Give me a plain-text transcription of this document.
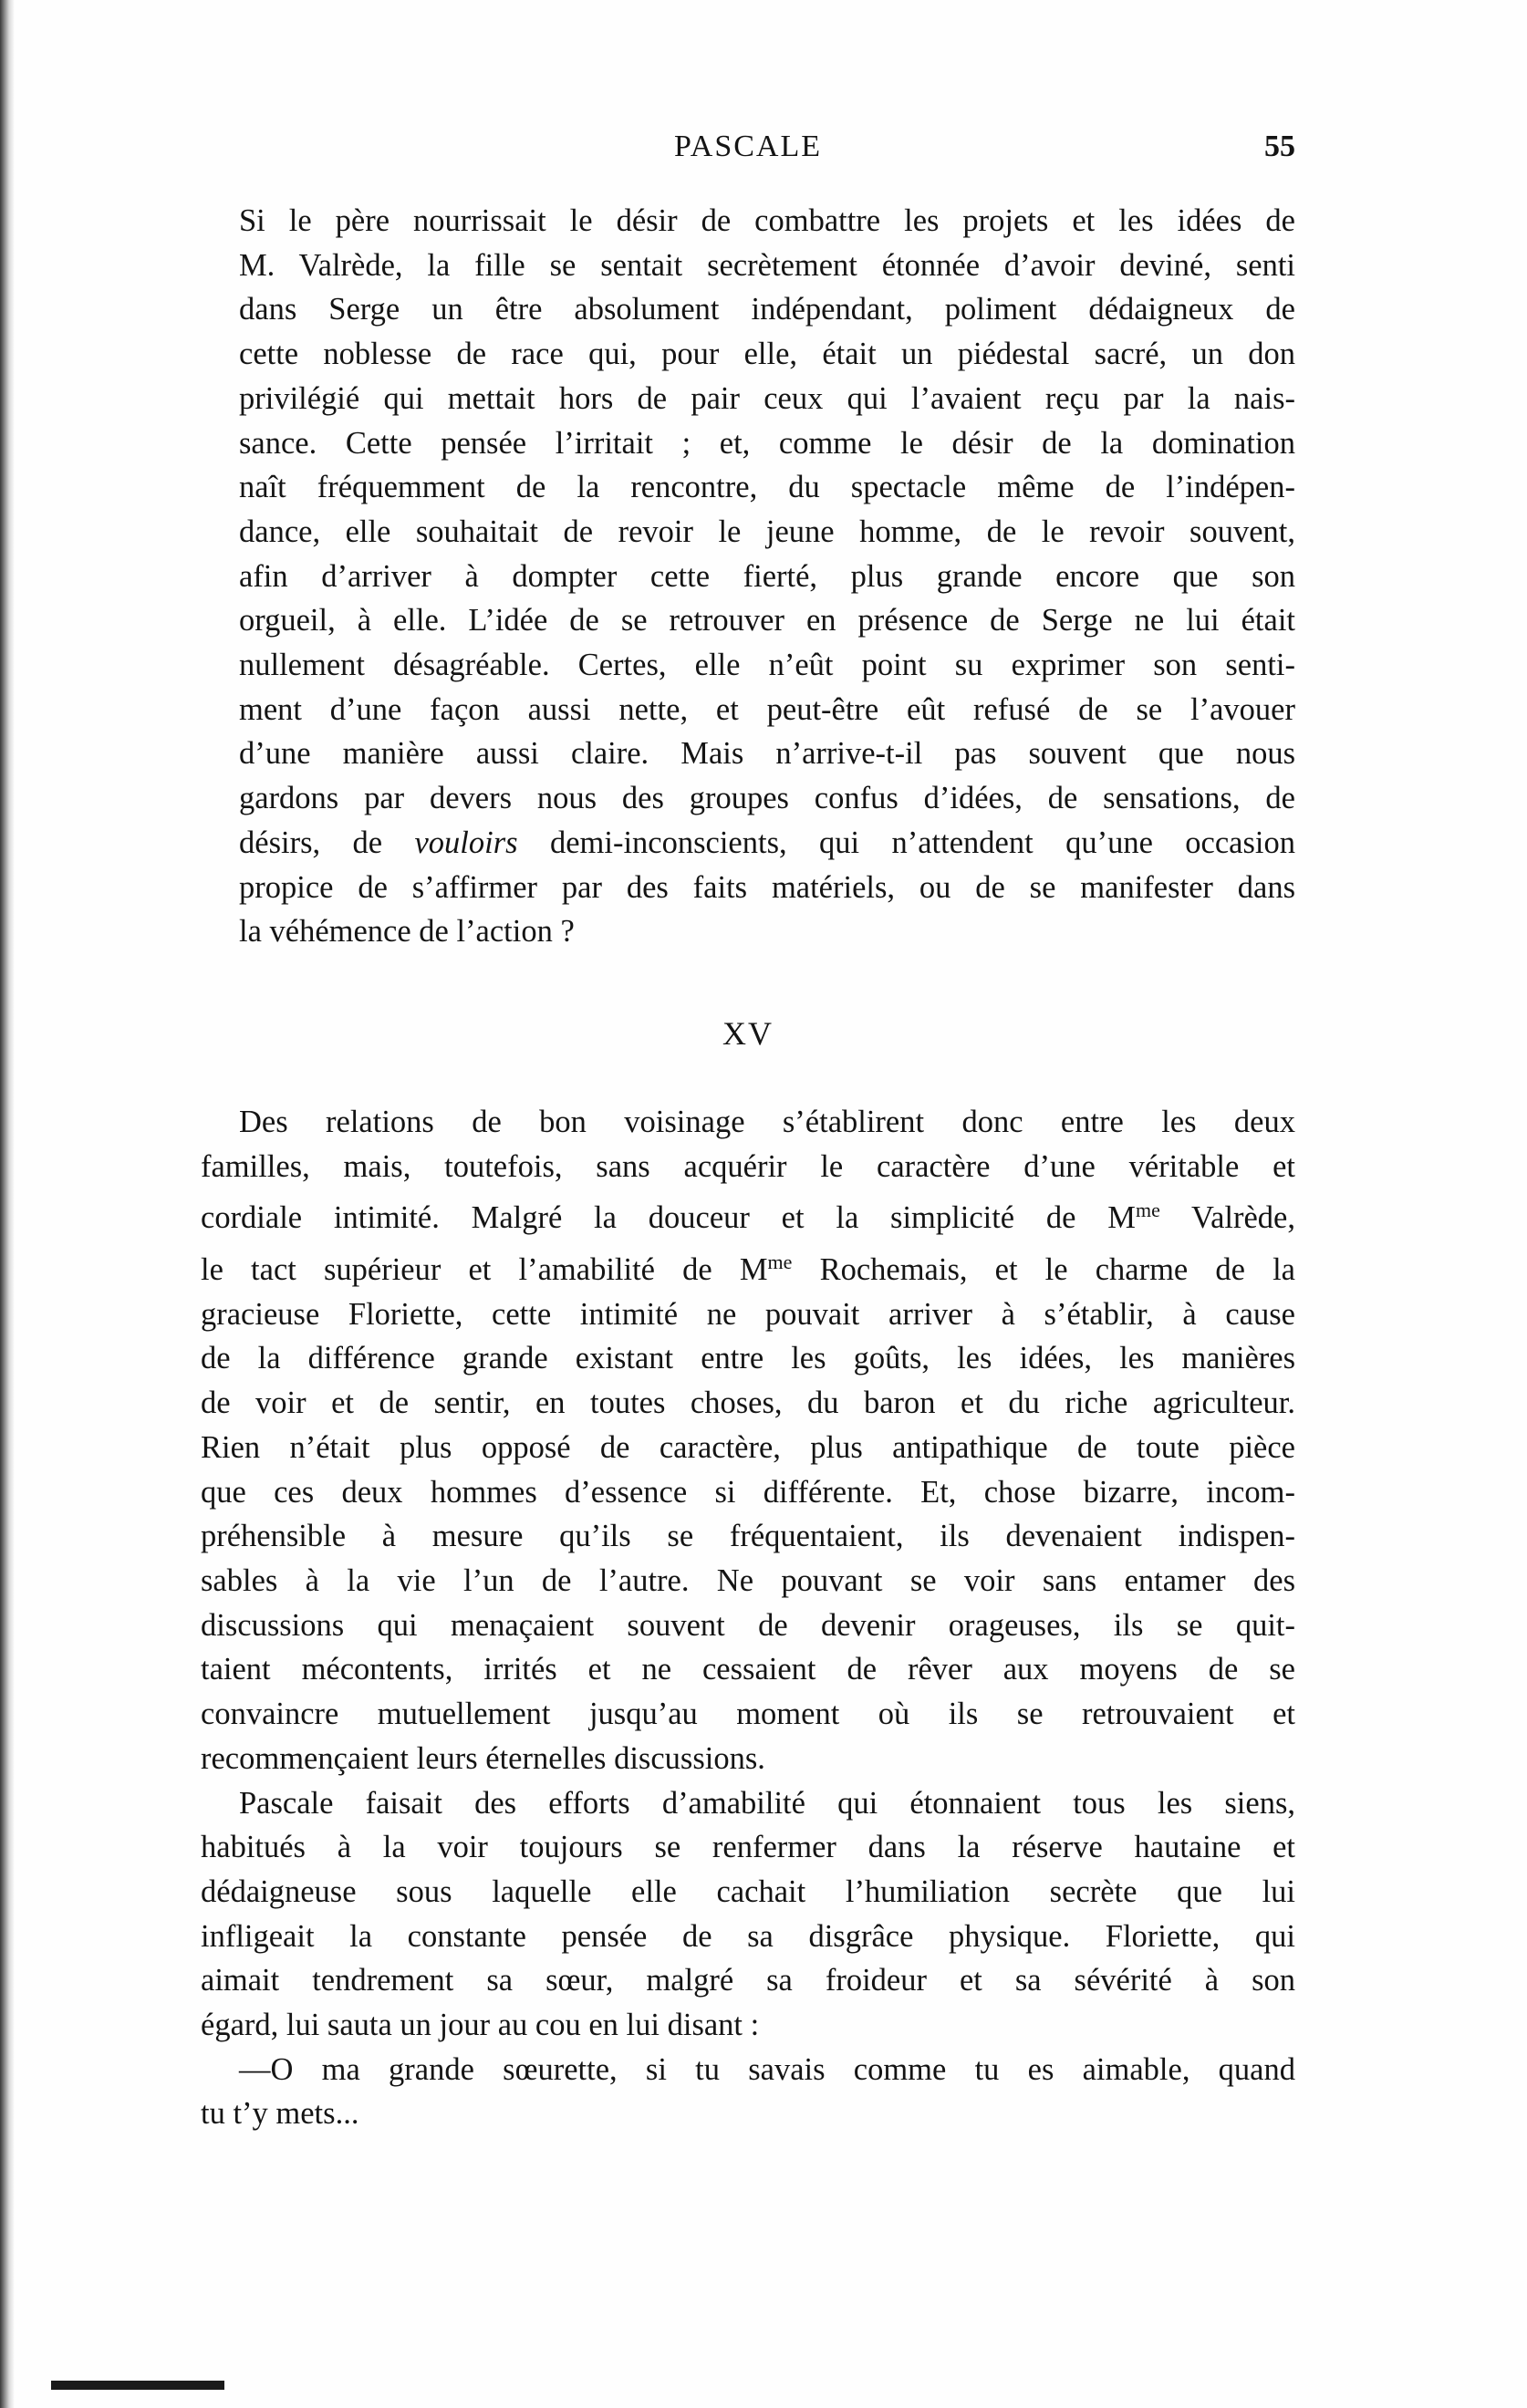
PASCALE	55

Si le père nourrissait le désir de combattre les projets et les idées de
M. Valrède, la fille se sentait secrètement étonnée d’avoir deviné, senti
dans Serge un être absolument indépendant, poliment dédaigneux de
cette noblesse de race qui, pour elle, était un piédestal sacré, un don
privilégié qui mettait hors de pair ceux qui l’avaient reçu par la nais-
sance. Cette pensée l’irritait ; et, comme le désir de la domination
naît fréquemment de la rencontre, du spectacle même de l’indépen-
dance, elle souhaitait de revoir le jeune homme, de le revoir souvent,
afin d’arriver à dompter cette fierté, plus grande encore que son
orgueil, à elle. L’idée de se retrouver en présence de Serge ne lui était
nullement désagréable. Certes, elle n’eût point su exprimer son senti-
ment d’une façon aussi nette, et peut-être eût refusé de se l’avouer
d’une manière aussi claire. Mais n’arrive-t-il pas souvent que nous
gardons par devers nous des groupes confus d’idées, de sensations, de
désirs, de vouloirs demi-inconscients, qui n’attendent qu’une occasion
propice de s’affirmer par des faits matériels, ou de se manifester dans
la véhémence de l’action ?

XV

Des relations de bon voisinage s’établirent donc entre les deux
familles, mais, toutefois, sans acquérir le caractère d’une véritable et
cordiale intimité. Malgré la douceur et la simplicité de $M^{me}$ Valrède,
le tact supérieur et l’amabilité de $M^{me}$ Rochemais, et le charme de la
gracieuse Floriette, cette intimité ne pouvait arriver à s’établir, à cause
de la différence grande existant entre les goûts, les idées, les manières
de voir et de sentir, en toutes choses, du baron et du riche agriculteur.
Rien n’était plus opposé de caractère, plus antipathique de toute pièce
que ces deux hommes d’essence si différente. Et, chose bizarre, incom-
préhensible à mesure qu’ils se fréquentaient, ils devenaient indispen-
sables à la vie l’un de l’autre. Ne pouvant se voir sans entamer des
discussions qui menaçaient souvent de devenir orageuses, ils se quit-
taient mécontents, irrités et ne cessaient de rêver aux moyens de se
convaincre mutuellement jusqu’au moment où ils se retrouvaient et
recommençaient leurs éternelles discussions.

Pascale faisait des efforts d’amabilité qui étonnaient tous les siens,
habitués à la voir toujours se renfermer dans la réserve hautaine et
dédaigneuse sous laquelle elle cachait l’humiliation secrète que lui
infligeait la constante pensée de sa disgrâce physique. Floriette, qui
aimait tendrement sa sœur, malgré sa froideur et sa sévérité à son
égard, lui sauta un jour au cou en lui disant :

—O ma grande sœurette, si tu savais comme tu es aimable, quand
tu t’y mets...
